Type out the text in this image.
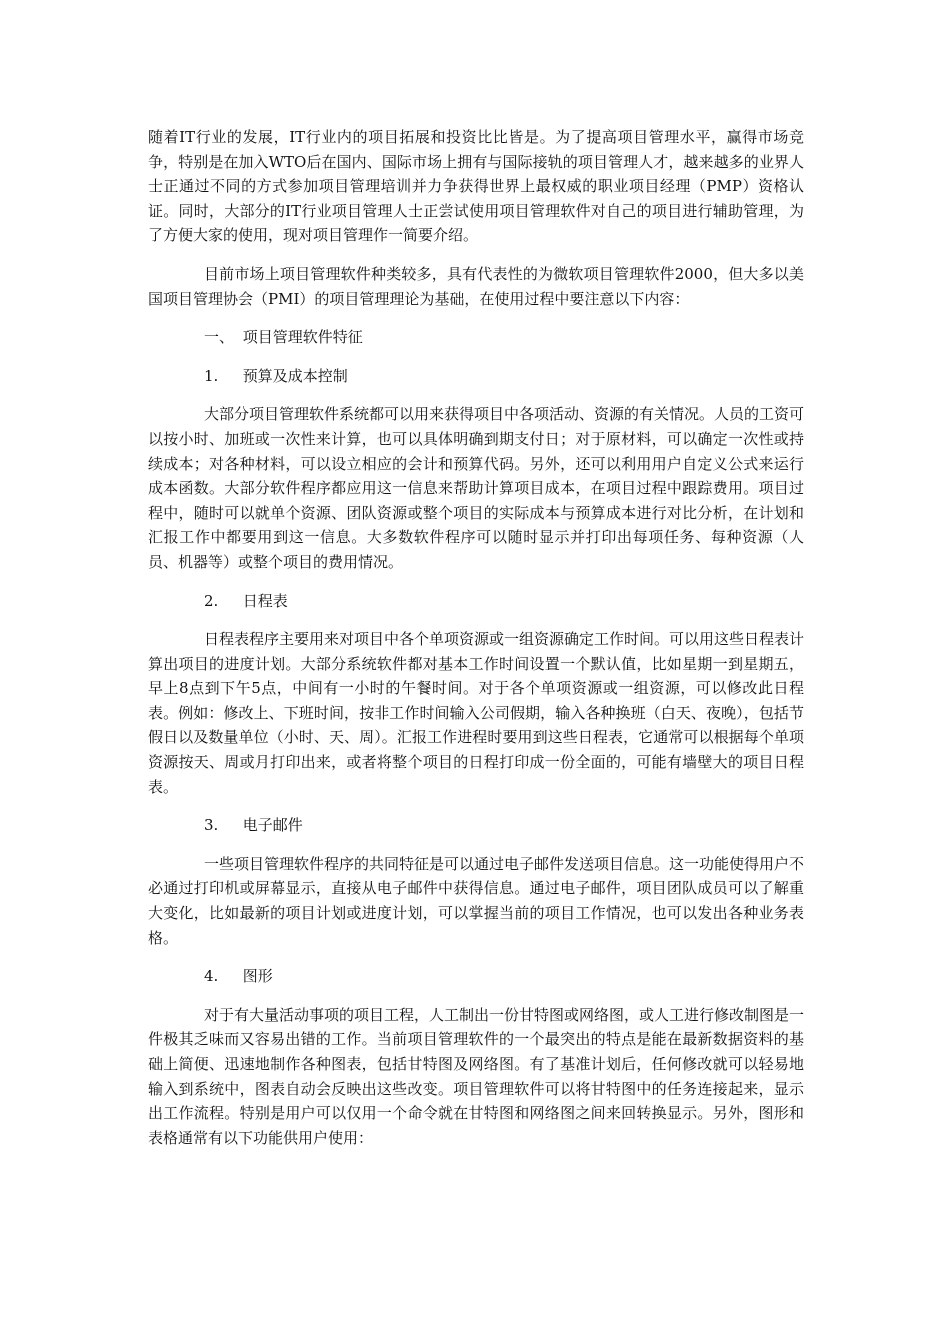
随着IT行业的发展，IT行业内的项目拓展和投资比比皆是。为了提高项目管理水平，赢得市场竞争，特别是在加入WTO后在国内、国际市场上拥有与国际接轨的项目管理人才，越来越多的业界人士正通过不同的方式参加项目管理培训并力争获得世界上最权威的职业项目经理（PMP）资格认证。同时，大部分的IT行业项目管理人士正尝试使用项目管理软件对自己的项目进行辅助管理，为了方便大家的使用，现对项目管理作一简要介绍。

目前市场上项目管理软件种类较多，具有代表性的为微软项目管理软件2000，但大多以美国项目管理协会（PMI）的项目管理理论为基础，在使用过程中要注意以下内容：

一、 项目管理软件特征
1. 预算及成本控制

大部分项目管理软件系统都可以用来获得项目中各项活动、资源的有关情况。人员的工资可以按小时、加班或一次性来计算，也可以具体明确到期支付日；对于原材料，可以确定一次性或持续成本；对各种材料，可以设立相应的会计和预算代码。另外，还可以利用用户自定义公式来运行成本函数。大部分软件程序都应用这一信息来帮助计算项目成本，在项目过程中跟踪费用。项目过程中，随时可以就单个资源、团队资源或整个项目的实际成本与预算成本进行对比分析，在计划和汇报工作中都要用到这一信息。大多数软件程序可以随时显示并打印出每项任务、每种资源（人员、机器等）或整个项目的费用情况。

2. 日程表

日程表程序主要用来对项目中各个单项资源或一组资源确定工作时间。可以用这些日程表计算出项目的进度计划。大部分系统软件都对基本工作时间设置一个默认值，比如星期一到星期五，早上8点到下午5点，中间有一小时的午餐时间。对于各个单项资源或一组资源，可以修改此日程表。例如：修改上、下班时间，按非工作时间输入公司假期，输入各种换班（白天、夜晚），包括节假日以及数量单位（小时、天、周）。汇报工作进程时要用到这些日程表，它通常可以根据每个单项资源按天、周或月打印出来，或者将整个项目的日程打印成一份全面的，可能有墙壁大的项目日程表。

3. 电子邮件

一些项目管理软件程序的共同特征是可以通过电子邮件发送项目信息。这一功能使得用户不必通过打印机或屏幕显示，直接从电子邮件中获得信息。通过电子邮件，项目团队成员可以了解重大变化，比如最新的项目计划或进度计划，可以掌握当前的项目工作情况，也可以发出各种业务表格。

4. 图形

对于有大量活动事项的项目工程，人工制出一份甘特图或网络图，或人工进行修改制图是一件极其乏味而又容易出错的工作。当前项目管理软件的一个最突出的特点是能在最新数据资料的基础上简便、迅速地制作各种图表，包括甘特图及网络图。有了基准计划后，任何修改就可以轻易地输入到系统中，图表自动会反映出这些改变。项目管理软件可以将甘特图中的任务连接起来，显示出工作流程。特别是用户可以仅用一个命令就在甘特图和网络图之间来回转换显示。另外，图形和表格通常有以下功能供用户使用：
